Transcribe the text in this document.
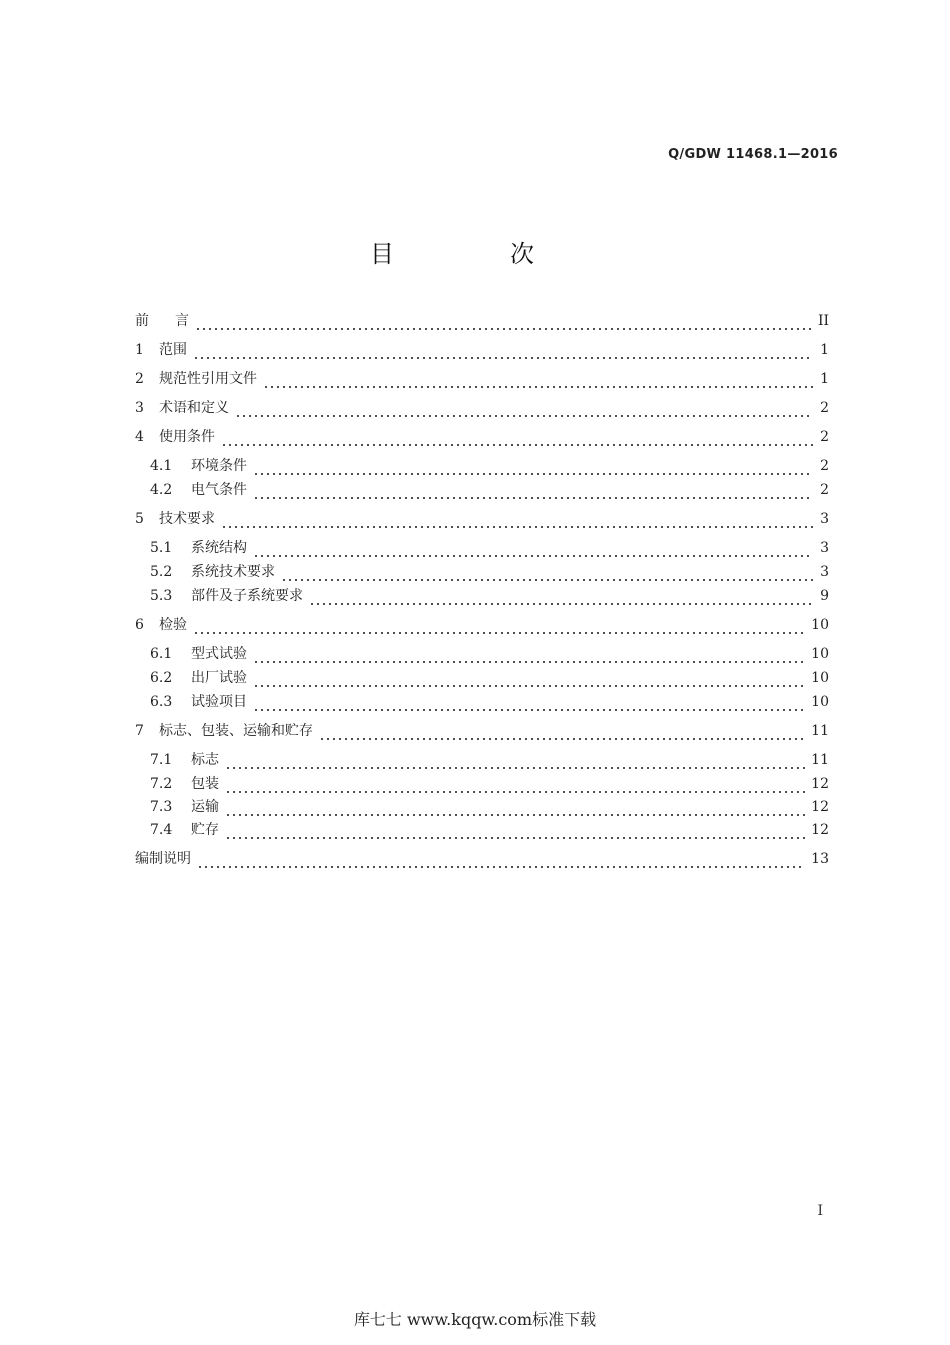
Q/GDW 11468.1—2016
目　次
前	言	II
1	范围	1
2	规范性引用文件	1
3	术语和定义	2
4	使用条件	2
4.1	环境条件	2
4.2	电气条件	2
5	技术要求	3
5.1	系统结构	3
5.2	系统技术要求	3
5.3	部件及子系统要求	9
6	检验	10
6.1	型式试验	10
6.2	出厂试验	10
6.3	试验项目	10
7	标志、包装、运输和贮存	11
7.1	标志	11
7.2	包装	12
7.3	运输	12
7.4	贮存	12
编制说明	13
I
库七七 www.kqqw.com标准下载
